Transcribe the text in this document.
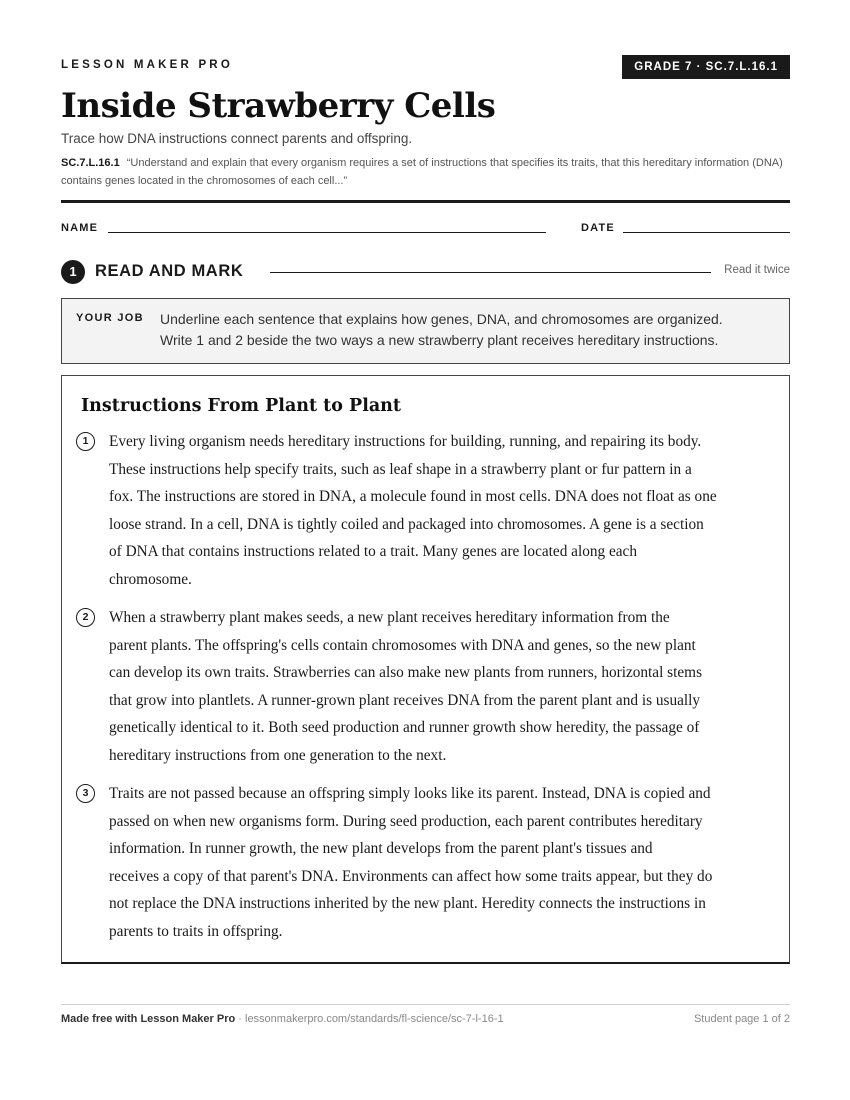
LESSON MAKER PRO	GRADE 7 · SC.7.L.16.1
Inside Strawberry Cells
Trace how DNA instructions connect parents and offspring.
SC.7.L.16.1 “Understand and explain that every organism requires a set of instructions that specifies its traits, that this hereditary information (DNA) contains genes located in the chromosomes of each cell...”
NAME	DATE
1	READ AND MARK	Read it twice
YOUR JOB Underline each sentence that explains how genes, DNA, and chromosomes are organized.
Write 1 and 2 beside the two ways a new strawberry plant receives hereditary instructions.
Instructions From Plant to Plant
1	Every living organism needs hereditary instructions for building, running, and repairing its body.
These instructions help specify traits, such as leaf shape in a strawberry plant or fur pattern in a
fox. The instructions are stored in DNA, a molecule found in most cells. DNA does not float as one
loose strand. In a cell, DNA is tightly coiled and packaged into chromosomes. A gene is a section
of DNA that contains instructions related to a trait. Many genes are located along each
chromosome.
2	When a strawberry plant makes seeds, a new plant receives hereditary information from the
parent plants. The offspring's cells contain chromosomes with DNA and genes, so the new plant
can develop its own traits. Strawberries can also make new plants from runners, horizontal stems
that grow into plantlets. A runner-grown plant receives DNA from the parent plant and is usually
genetically identical to it. Both seed production and runner growth show heredity, the passage of
hereditary instructions from one generation to the next.
3	Traits are not passed because an offspring simply looks like its parent. Instead, DNA is copied and
passed on when new organisms form. During seed production, each parent contributes hereditary
information. In runner growth, the new plant develops from the parent plant's tissues and
receives a copy of that parent's DNA. Environments can affect how some traits appear, but they do
not replace the DNA instructions inherited by the new plant. Heredity connects the instructions in
parents to traits in offspring.
Made free with Lesson Maker Pro · lessonmakerpro.com/standards/fl-science/sc-7-l-16-1	Student page 1 of 2
